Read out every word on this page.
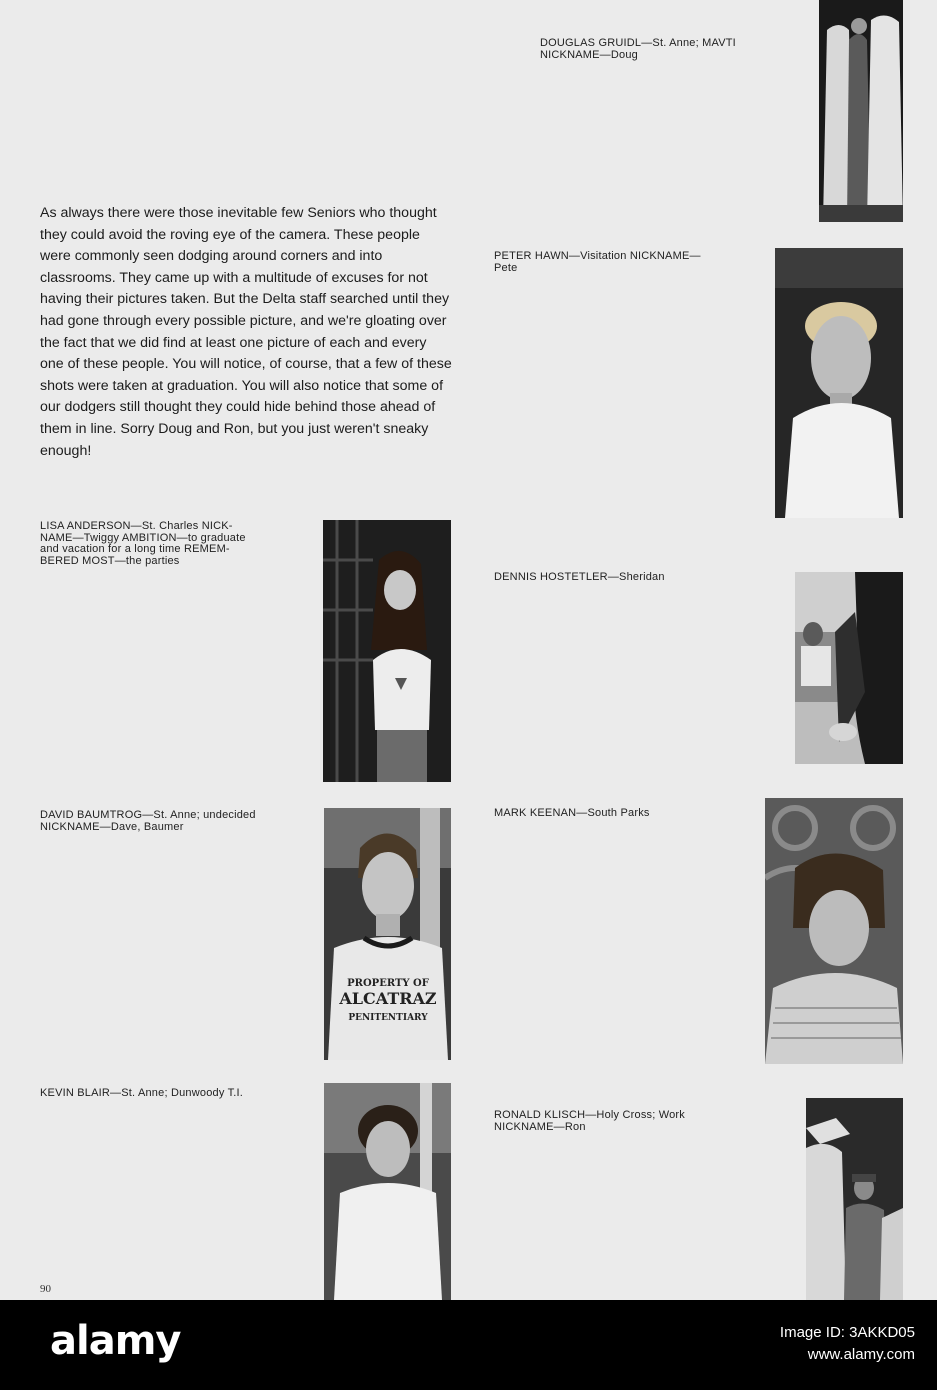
As always there were those inevitable few Seniors who thought they could avoid the roving eye of the camera. These people were commonly seen dodging around corners and into classrooms. They came up with a multitude of excuses for not having their pictures taken. But the Delta staff searched until they had gone through every possible picture, and we're gloating over the fact that we did find at least one picture of each and every one of these people. You will notice, of course, that a few of these shots were taken at graduation. You will also notice that some of our dodgers still thought they could hide behind those ahead of them in line. Sorry Doug and Ron, but you just weren't sneaky enough!
DOUGLAS GRUIDL—St. Anne; MAVTI
NICKNAME—Doug
PETER HAWN—Visitation NICKNAME—
Pete
LISA ANDERSON—St. Charles NICK-
NAME—Twiggy AMBITION—to graduate
and vacation for a long time REMEM-
BERED MOST—the parties
DENNIS HOSTETLER—Sheridan
DAVID BAUMTROG—St. Anne; undecided
NICKNAME—Dave, Baumer
MARK KEENAN—South Parks
KEVIN BLAIR—St. Anne; Dunwoody T.I.
RONALD KLISCH—Holy Cross; Work
NICKNAME—Ron
PROPERTY OF
ALCATRAZ
PENITENTIARY
90
alamy	Image ID: 3AKKD05
www.alamy.com
